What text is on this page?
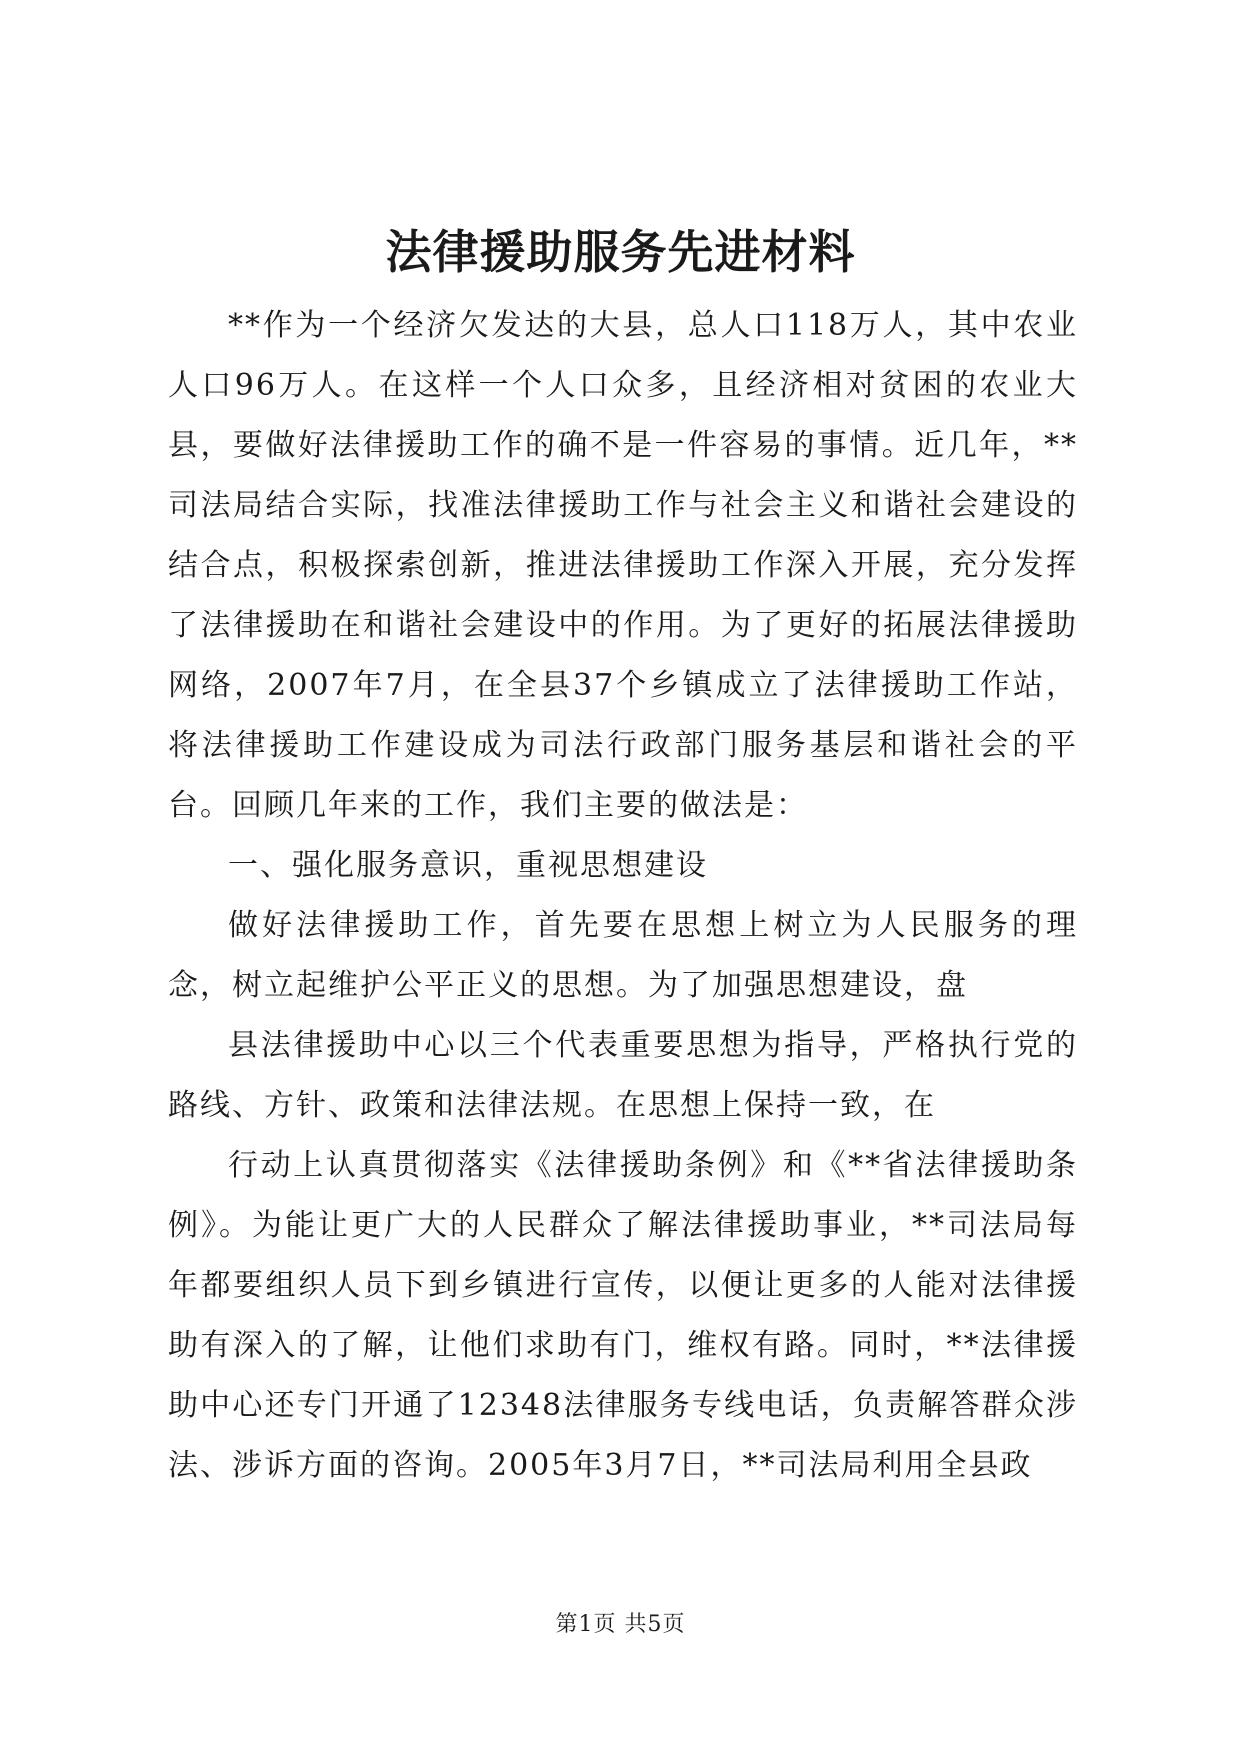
法律援助服务先进材料

**作为一个经济欠发达的大县，总人口118万人，其中农业人口96万人。在这样一个人口众多，且经济相对贫困的农业大县，要做好法律援助工作的确不是一件容易的事情。近几年，**司法局结合实际，找准法律援助工作与社会主义和谐社会建设的结合点，积极探索创新，推进法律援助工作深入开展，充分发挥了法律援助在和谐社会建设中的作用。为了更好的拓展法律援助网络，2007年7月，在全县37个乡镇成立了法律援助工作站，将法律援助工作建设成为司法行政部门服务基层和谐社会的平台。回顾几年来的工作，我们主要的做法是：

一、强化服务意识，重视思想建设

做好法律援助工作，首先要在思想上树立为人民服务的理念，树立起维护公平正义的思想。为了加强思想建设，盘

县法律援助中心以三个代表重要思想为指导，严格执行党的路线、方针、政策和法律法规。在思想上保持一致，在

行动上认真贯彻落实《法律援助条例》和《**省法律援助条例》。为能让更广大的人民群众了解法律援助事业，**司法局每年都要组织人员下到乡镇进行宣传，以便让更多的人能对法律援助有深入的了解，让他们求助有门，维权有路。同时，**法律援助中心还专门开通了12348法律服务专线电话，负责解答群众涉法、涉诉方面的咨询。2005年3月7日，**司法局利用全县政

第1页 共5页
